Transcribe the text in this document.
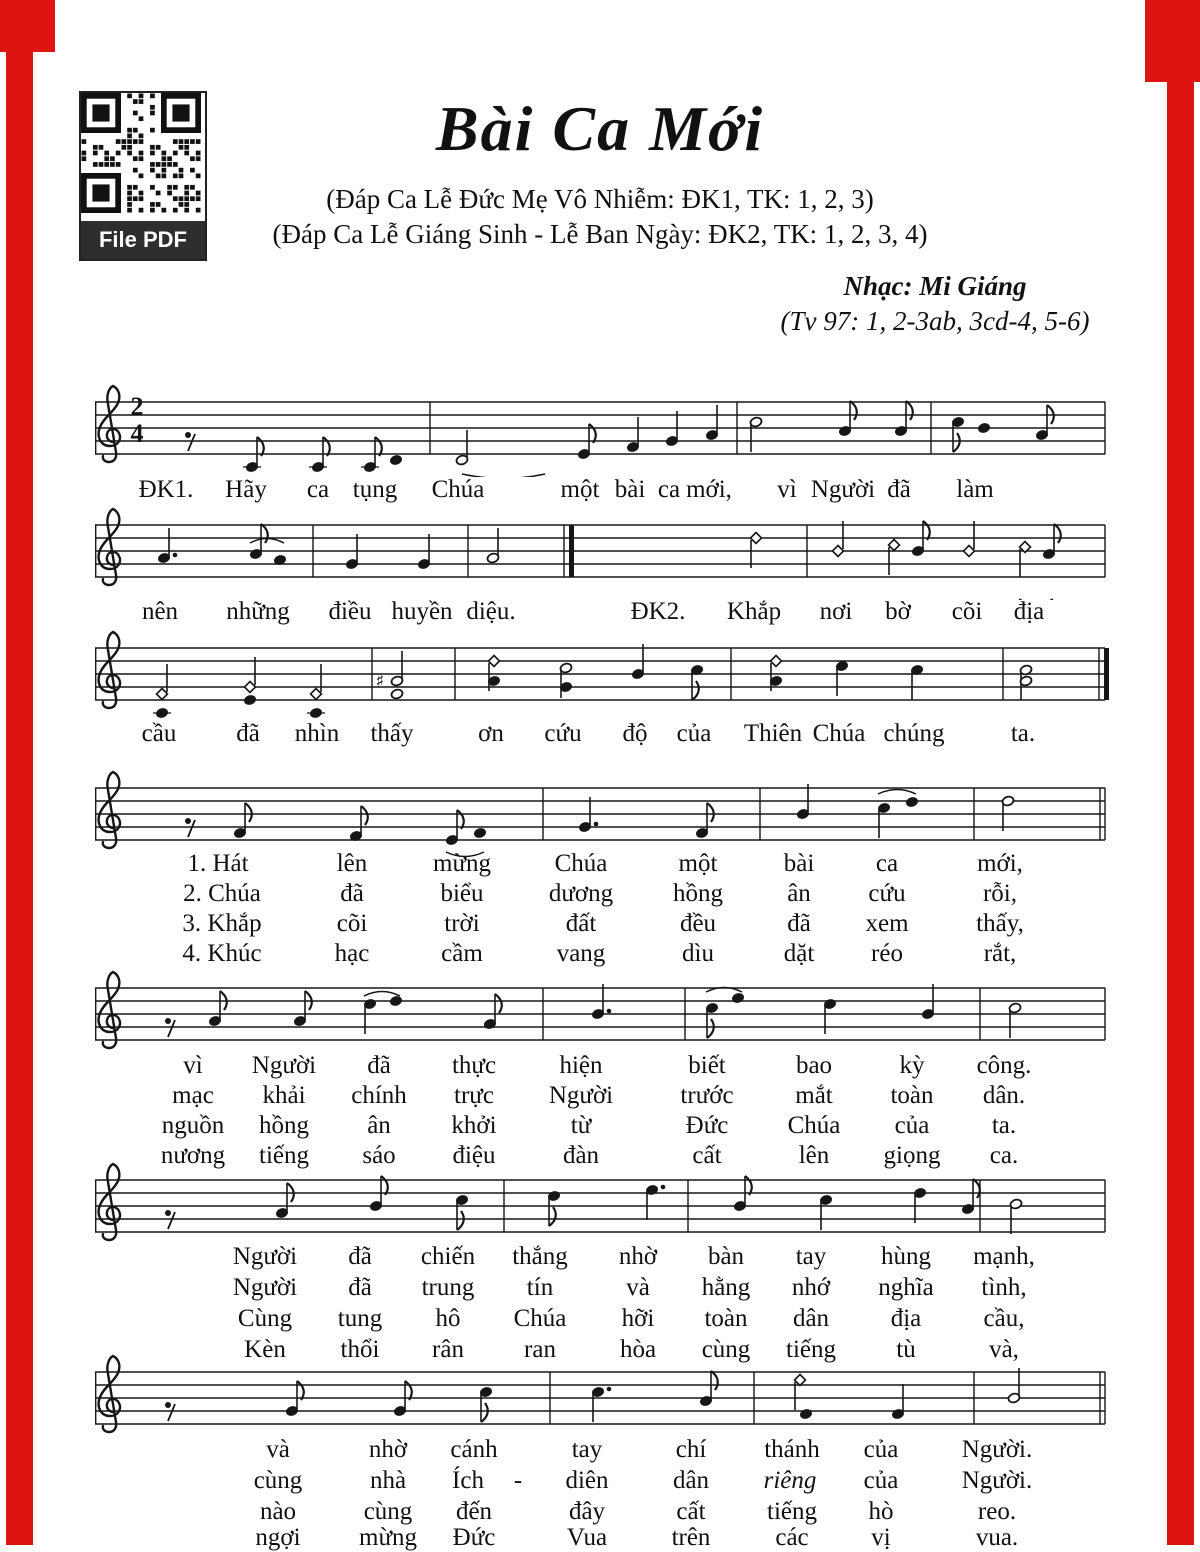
File PDF
Bài Ca Mới
(Đáp Ca Lễ Đức Mẹ Vô Nhiễm: ĐK1, TK: 1, 2, 3)
(Đáp Ca Lễ Giáng Sinh - Lễ Ban Ngày: ĐK2, TK: 1, 2, 3, 4)
Nhạc: Mi Giáng
(Tv 97: 1, 2-3ab, 3cd-4, 5-6)
2
4
ĐK1. Hãy ca tụng Chúa	một bài ca mới, vì Người đã làm
nên những điều huyền diệu.	ĐK2. Khắp nơi bờ cõi địa
♯
cầu đã nhìn thấy	ơn cứu độ của Thiên Chúa chúng	ta.
1. Hát	lên	mừng	Chúa	một	bài ca	mới,
2. Chúa	đã	biểu	dương hồng	ân cứu	rỗi,
3. Khắp	cõi	trời	đất	đều	đã xem	thấy,
4. Khúc	hạc	cầm	vang	dìu	dặt réo	rắt,
vì Người đã thực	hiện	biết	bao	kỳ công.
mạc khải chính trực Người	trước mắt toàn dân.
nguồn hồng ân khởi	từ	Đức Chúa của	ta.
nương tiếng sáo điệu	đàn	cất	lên giọng ca.
Người đã chiến thắng nhờ bàn tay hùng mạnh,
Người đã trung tín	và hằng nhớ nghĩa tình,
Cùng tung hô Chúa hỡi toàn dân địa cầu,
Kèn thổi rân ran	hòa cùng tiếng tù	và,
và	nhờ cánh	tay	chí thánh của	Người.
cùng	nhà Ích - diên	dân riêng của	Người.
nào	cùng đến	đây	cất tiếng hò	reo.
ngợi mừng Đức	Vua	trên	các	vị	vua.
